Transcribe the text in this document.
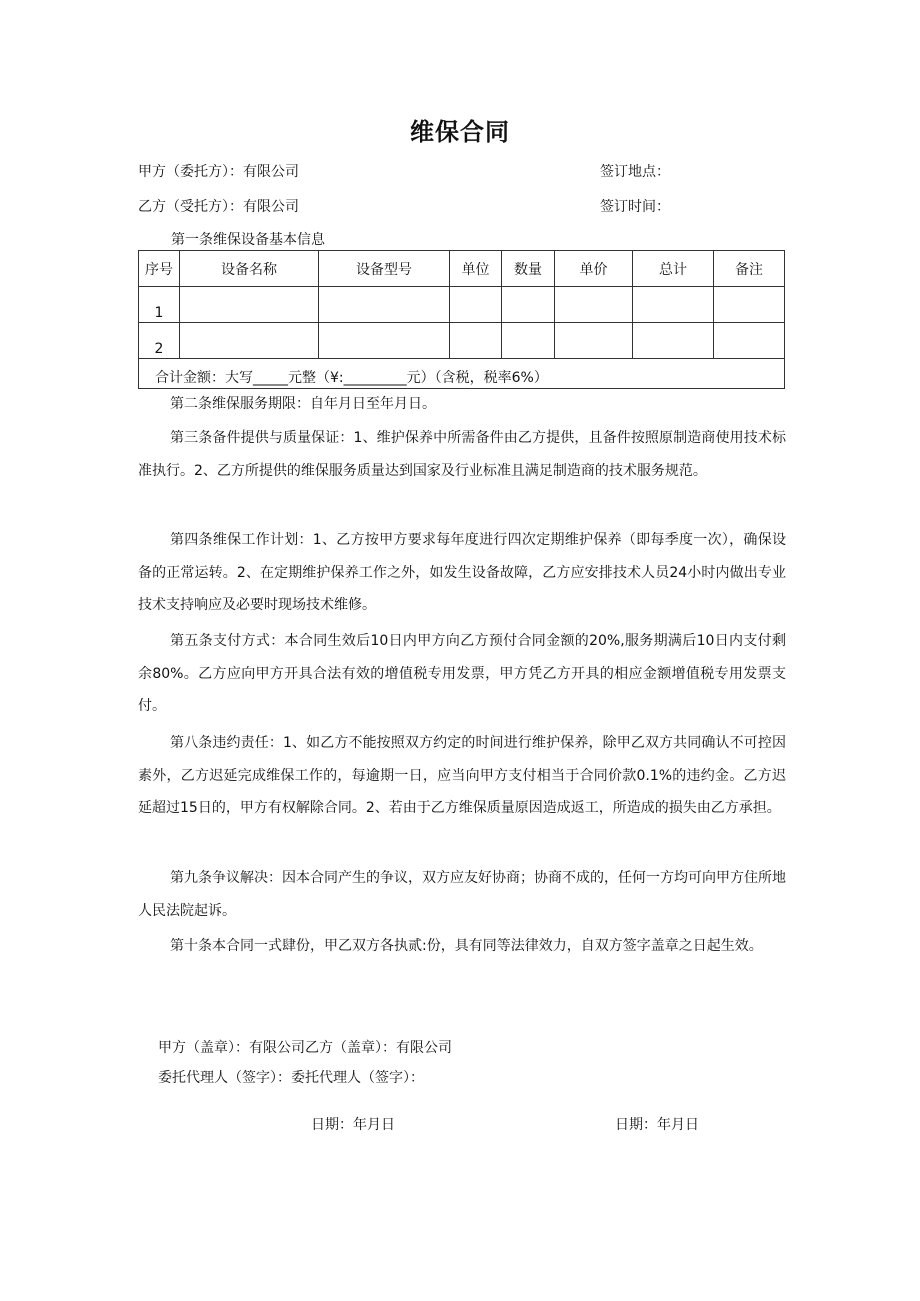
维保合同
甲方（委托方）：有限公司	签订地点：
乙方（受托方）：有限公司	签订时间：
第一条维保设备基本信息
序号	设备名称	设备型号	单位	数量	单价	总计	备注
1							
2							
合计金额：大写_____元整（¥:_________元）（含税，税率6%）							

第二条维保服务期限：自年月日至年月日。

第三条备件提供与质量保证：1、维护保养中所需备件由乙方提供，且备件按照原制造商使用技术标准执行。2、乙方所提供的维保服务质量达到国家及行业标准且满足制造商的技术服务规范。

第四条维保工作计划：1、乙方按甲方要求每年度进行四次定期维护保养（即每季度一次），确保设备的正常运转。2、在定期维护保养工作之外，如发生设备故障，乙方应安排技术人员24小时内做出专业技术支持响应及必要时现场技术维修。

第五条支付方式：本合同生效后10日内甲方向乙方预付合同金额的20%,服务期满后10日内支付剩余80%。乙方应向甲方开具合法有效的增值税专用发票，甲方凭乙方开具的相应金额增值税专用发票支付。

第八条违约责任：1、如乙方不能按照双方约定的时间进行维护保养，除甲乙双方共同确认不可控因素外，乙方迟延完成维保工作的，每逾期一日，应当向甲方支付相当于合同价款0.1%的违约金。乙方迟延超过15日的，甲方有权解除合同。2、若由于乙方维保质量原因造成返工，所造成的损失由乙方承担。

第九条争议解决：因本合同产生的争议，双方应友好协商；协商不成的，任何一方均可向甲方住所地人民法院起诉。

第十条本合同一式肆份，甲乙双方各执贰:份，具有同等法律效力，自双方签字盖章之日起生效。

甲方（盖章）：有限公司乙方（盖章）：有限公司
委托代理人（签字）：委托代理人（签字）：
日期：年月日	日期：年月日
